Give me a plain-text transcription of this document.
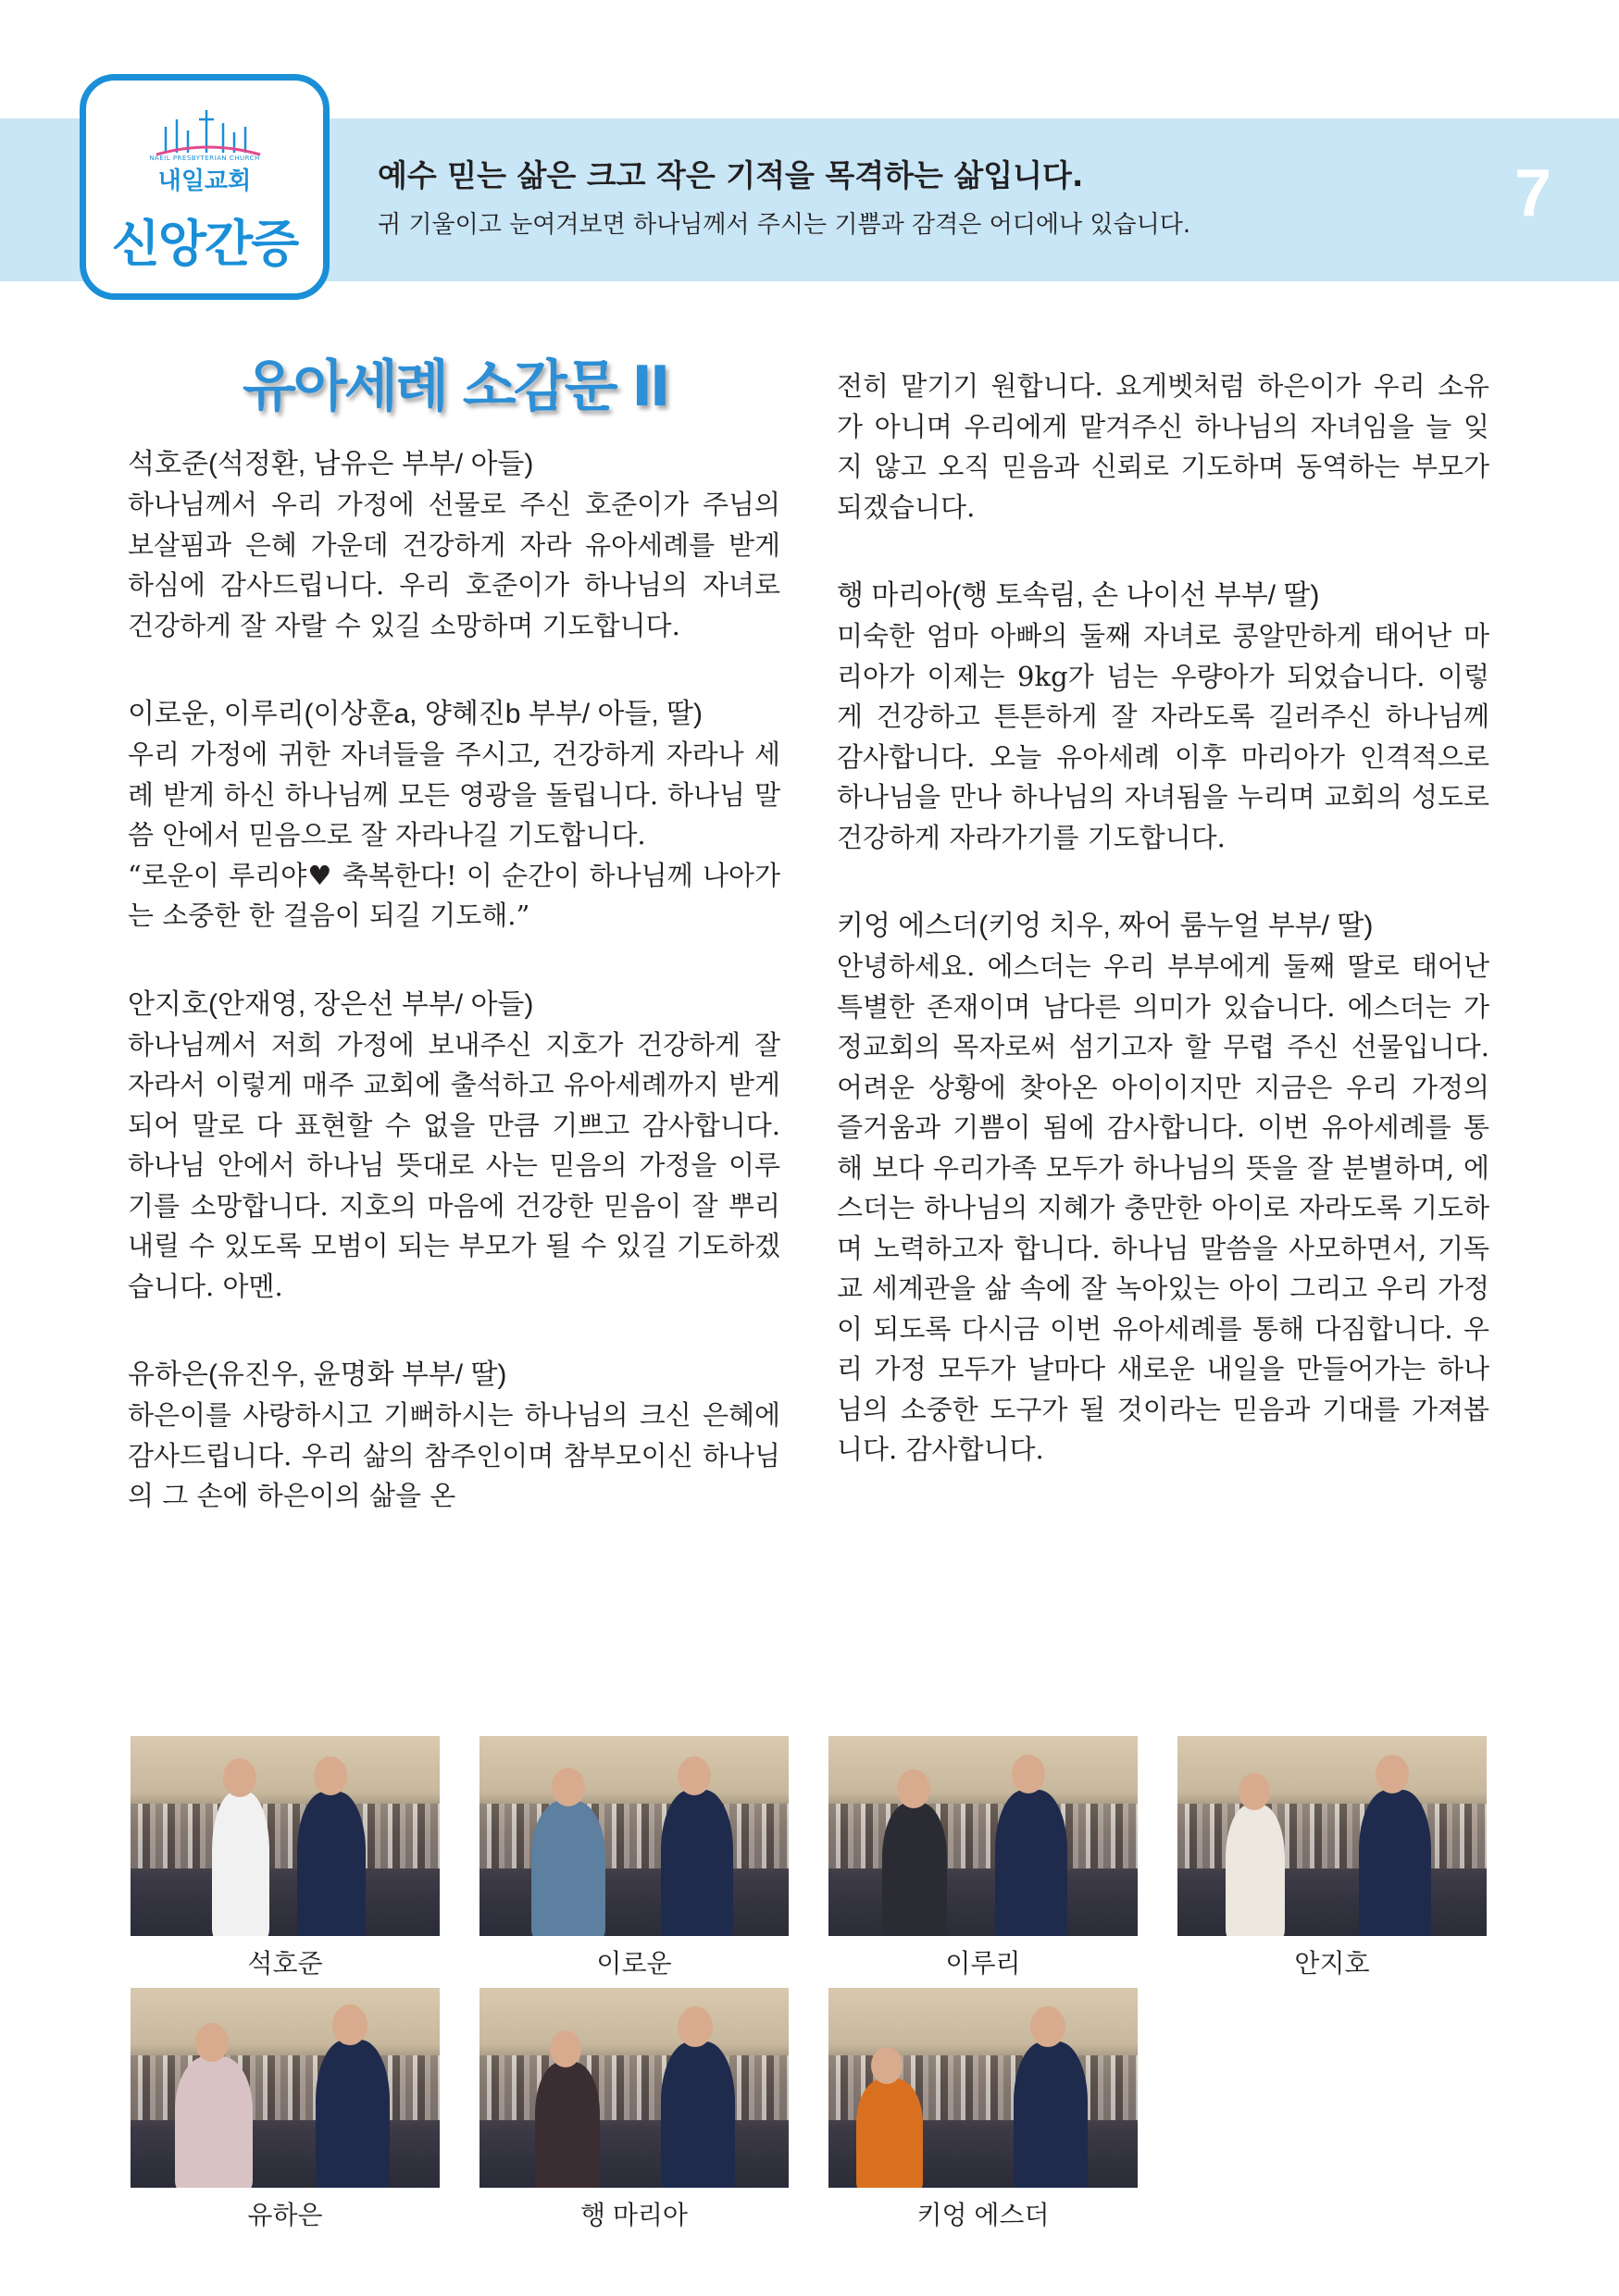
NAEIL PRESBYTERIAN CHURCH
내일교회
신앙간증
예수 믿는 삶은 크고 작은 기적을 목격하는 삶입니다.
귀 기울이고 눈여겨보면 하나님께서 주시는 기쁨과 감격은 어디에나 있습니다.	7
유아세례 소감문 II
석호준(석정환, 남유은 부부/ 아들)

하나님께서 우리 가정에 선물로 주신 호준이가 주님의 보살핌과 은혜 가운데 건강하게 자라 유아세례를 받게 하심에 감사드립니다. 우리 호준이가 하나님의 자녀로 건강하게 잘 자랄 수 있길 소망하며 기도합니다.

이로운, 이루리(이상훈a, 양혜진b 부부/ 아들, 딸)

우리 가정에 귀한 자녀들을 주시고, 건강하게 자라나 세례 받게 하신 하나님께 모든 영광을 돌립니다. 하나님 말씀 안에서 믿음으로 잘 자라나길 기도합니다.

“로운이 루리야♥ 축복한다! 이 순간이 하나님께 나아가는 소중한 한 걸음이 되길 기도해.”

안지호(안재영, 장은선 부부/ 아들)

하나님께서 저희 가정에 보내주신 지호가 건강하게 잘 자라서 이렇게 매주 교회에 출석하고 유아세례까지 받게 되어 말로 다 표현할 수 없을 만큼 기쁘고 감사합니다. 하나님 안에서 하나님 뜻대로 사는 믿음의 가정을 이루기를 소망합니다. 지호의 마음에 건강한 믿음이 잘 뿌리내릴 수 있도록 모범이 되는 부모가 될 수 있길 기도하겠습니다. 아멘.

유하은(유진우, 윤명화 부부/ 딸)

하은이를 사랑하시고 기뻐하시는 하나님의 크신 은혜에 감사드립니다. 우리 삶의 참주인이며 참부모이신 하나님의 그 손에 하은이의 삶을 온

전히 맡기기 원합니다. 요게벳처럼 하은이가 우리 소유가 아니며 우리에게 맡겨주신 하나님의 자녀임을 늘 잊지 않고 오직 믿음과 신뢰로 기도하며 동역하는 부모가 되겠습니다.

행 마리아(행 토속림, 손 나이선 부부/ 딸)

미숙한 엄마 아빠의 둘째 자녀로 콩알만하게 태어난 마리아가 이제는 9kg가 넘는 우량아가 되었습니다. 이렇게 건강하고 튼튼하게 잘 자라도록 길러주신 하나님께 감사합니다. 오늘 유아세례 이후 마리아가 인격적으로 하나님을 만나 하나님의 자녀됨을 누리며 교회의 성도로 건강하게 자라가기를 기도합니다.

키엉 에스더(키엉 치우, 짜어 룸누얼 부부/ 딸)

안녕하세요. 에스더는 우리 부부에게 둘째 딸로 태어난 특별한 존재이며 남다른 의미가 있습니다. 에스더는 가정교회의 목자로써 섬기고자 할 무렵 주신 선물입니다. 어려운 상황에 찾아온 아이이지만 지금은 우리 가정의 즐거움과 기쁨이 됨에 감사합니다. 이번 유아세례를 통해 보다 우리가족 모두가 하나님의 뜻을 잘 분별하며, 에스더는 하나님의 지혜가 충만한 아이로 자라도록 기도하며 노력하고자 합니다. 하나님 말씀을 사모하면서, 기독교 세계관을 삶 속에 잘 녹아있는 아이 그리고 우리 가정이 되도록 다시금 이번 유아세례를 통해 다짐합니다. 우리 가정 모두가 날마다 새로운 내일을 만들어가는 하나님의 소중한 도구가 될 것이라는 믿음과 기대를 가져봅니다. 감사합니다.

석호준	이로운	이루리	안지호
유하은	행 마리아	키엉 에스더
